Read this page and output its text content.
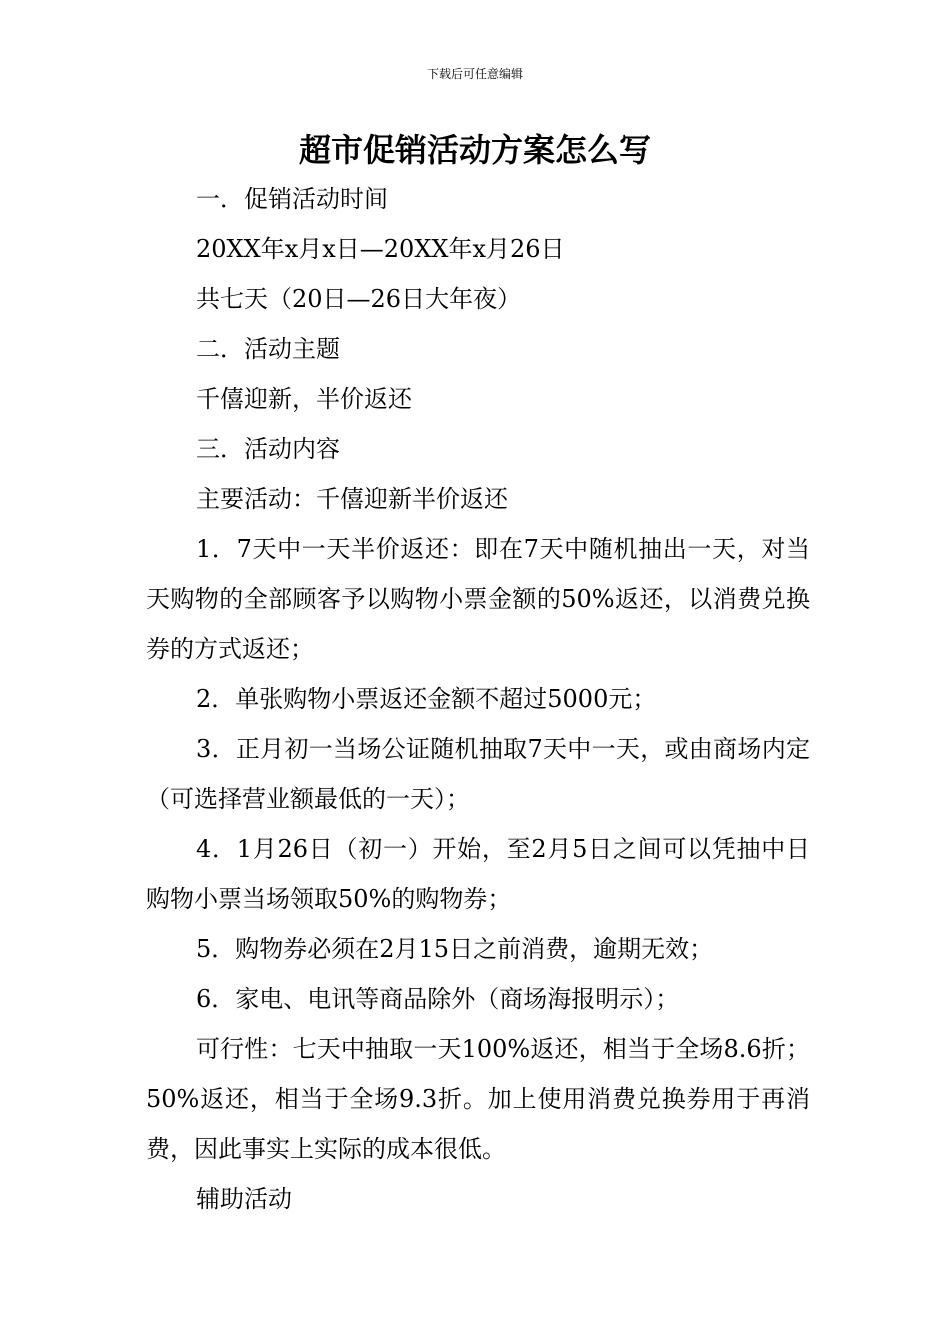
下载后可任意编辑
超市促销活动方案怎么写

一．促销活动时间

20XX年x月x日—20XX年x月26日

共七天（20日—26日大年夜）

二．活动主题

千僖迎新，半价返还

三．活动内容

主要活动：千僖迎新半价返还

1．7天中一天半价返还：即在7天中随机抽出一天，对当天购物的全部顾客予以购物小票金额的50%返还，以消费兑换券的方式返还；

2．单张购物小票返还金额不超过5000元；

3．正月初一当场公证随机抽取7天中一天，或由商场内定（可选择营业额最低的一天）；

4．1月26日（初一）开始，至2月5日之间可以凭抽中日购物小票当场领取50%的购物券；

5．购物券必须在2月15日之前消费，逾期无效；

6．家电、电讯等商品除外（商场海报明示）；

可行性：七天中抽取一天100%返还，相当于全场8.6折；50%返还，相当于全场9.3折。加上使用消费兑换券用于再消费，因此事实上实际的成本很低。

辅助活动
